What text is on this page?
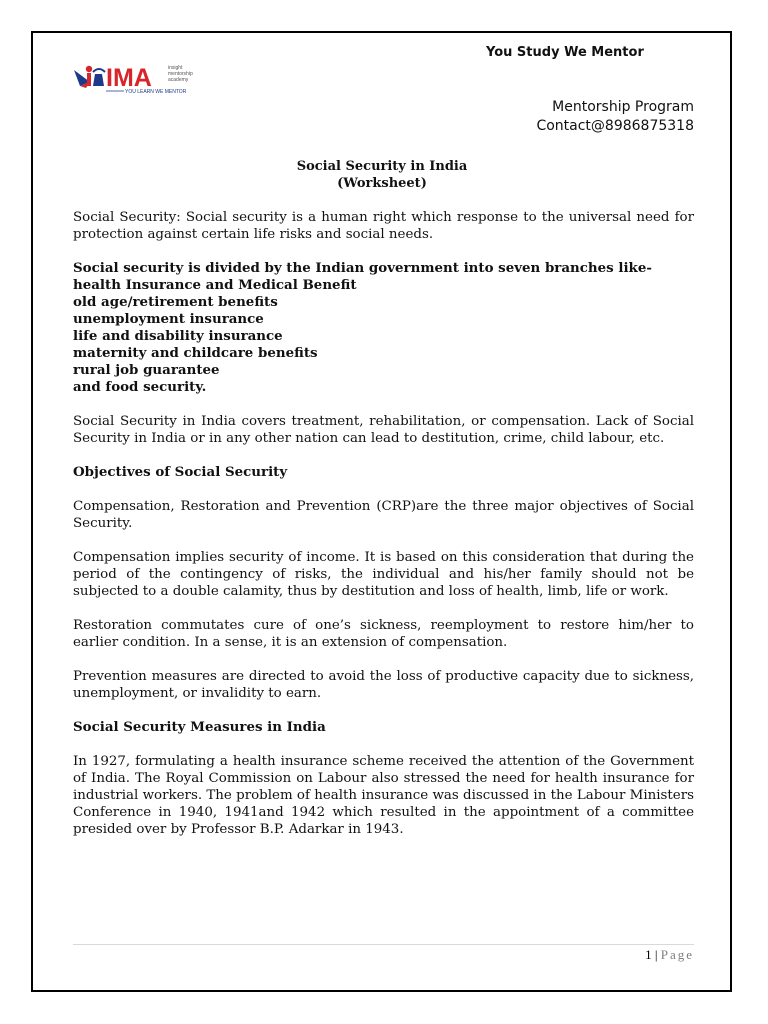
You Study We Mentor
IMA	insight
mentorship
academy
YOU LEARN WE MENTOR
Mentorship Program
Contact@8986875318
Social Security in India
(Worksheet)

Social Security: Social security is a human right which response to the universal need for protection against certain life risks and social needs.

Social security is divided by the Indian government into seven branches like-
health Insurance and Medical Benefit
old age/retirement benefits
unemployment insurance
life and disability insurance
maternity and childcare benefits
rural job guarantee
and food security.

Social Security in India covers treatment, rehabilitation, or compensation. Lack of Social Security in India or in any other nation can lead to destitution, crime, child labour, etc.

Objectives of Social Security

Compensation, Restoration and Prevention (CRP)are the three major objectives of Social Security.

Compensation implies security of income. It is based on this consideration that during the period of the contingency of risks, the individual and his/her family should not be subjected to a double calamity, thus by destitution and loss of health, limb, life or work.

Restoration commutates cure of one’s sickness, reemployment to restore him/her to earlier condition. In a sense, it is an extension of compensation.

Prevention measures are directed to avoid the loss of productive capacity due to sickness, unemployment, or invalidity to earn.

Social Security Measures in India

In 1927, formulating a health insurance scheme received the attention of the Government of India. The Royal Commission on Labour also stressed the need for health insurance for industrial workers. The problem of health insurance was discussed in the Labour Ministers Conference in 1940, 1941and 1942 which resulted in the appointment of a committee presided over by Professor B.P. Adarkar in 1943.

1 | Page
